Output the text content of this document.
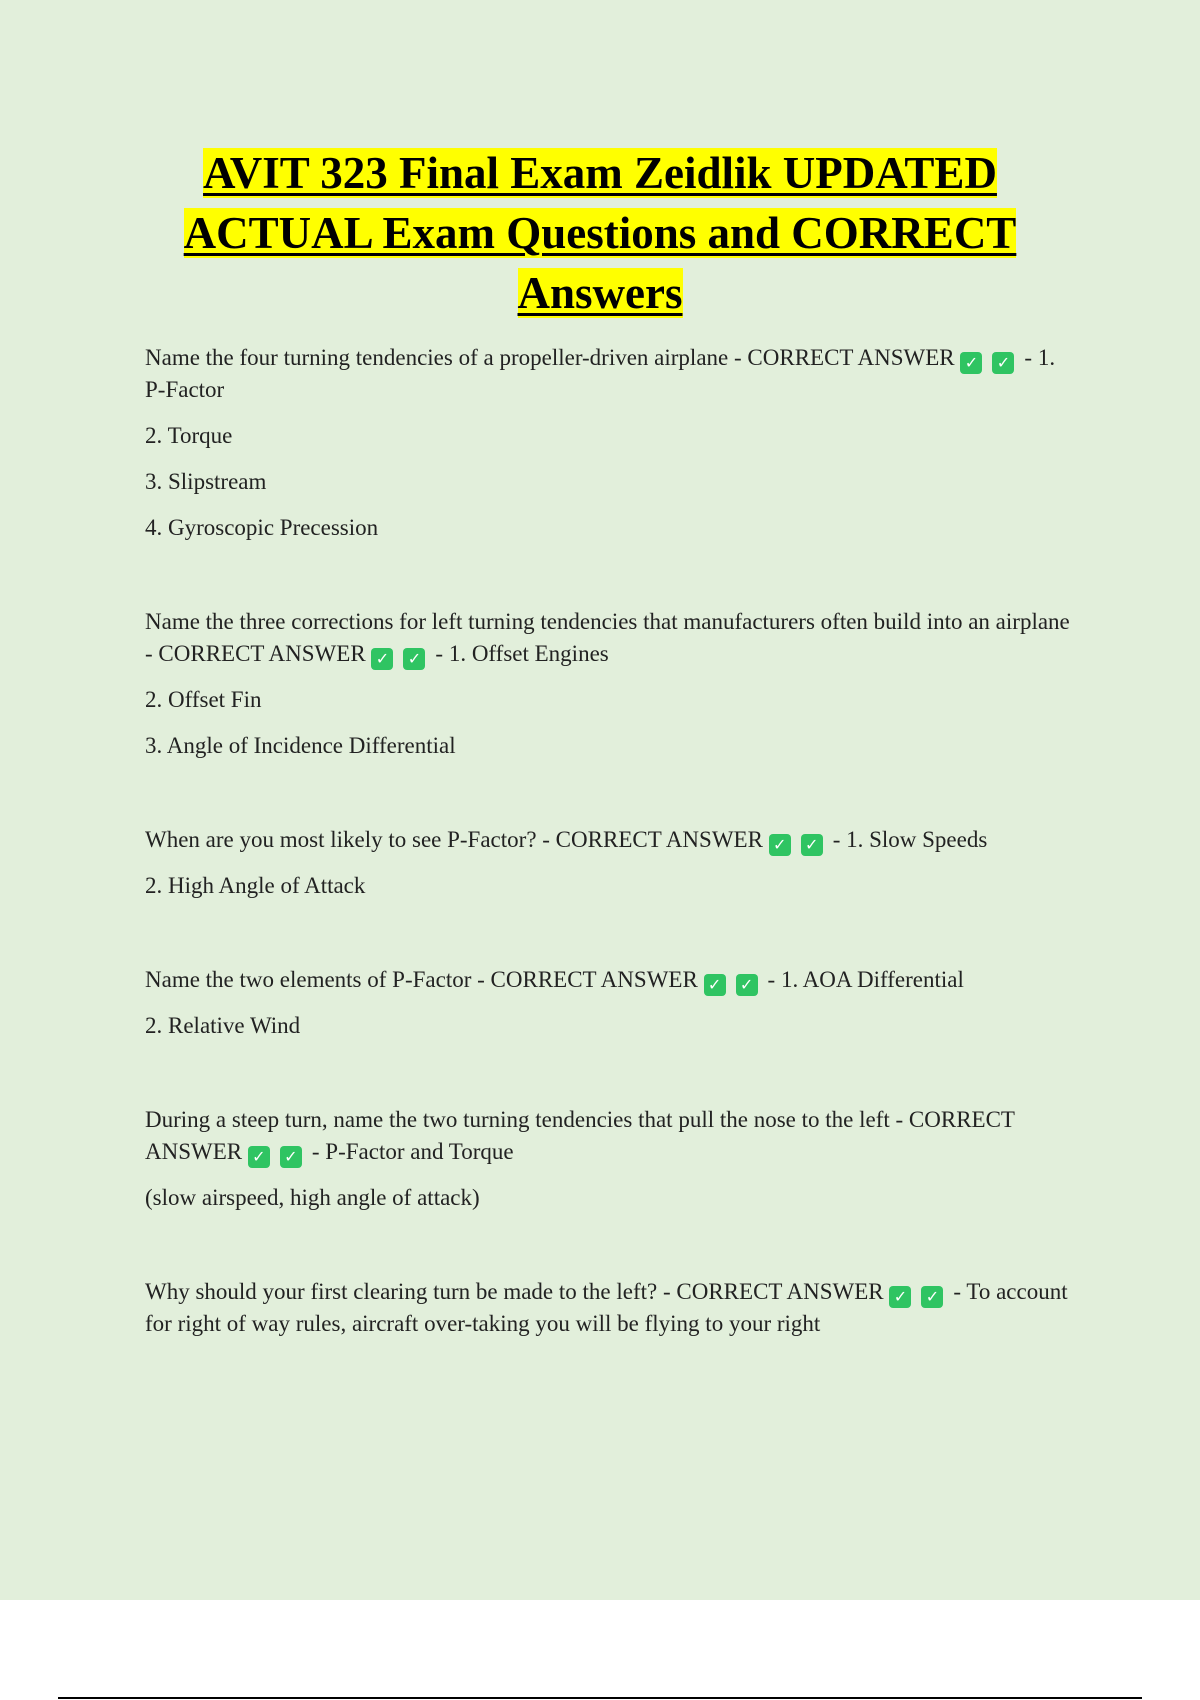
AVIT 323 Final Exam Zeidlik UPDATED
ACTUAL Exam Questions and CORRECT
Answers

Name the four turning tendencies of a propeller-driven airplane - CORRECT ANSWER ✓ ✓ - 1. P-Factor

2. Torque

3. Slipstream

4. Gyroscopic Precession

Name the three corrections for left turning tendencies that manufacturers often build into an airplane - CORRECT ANSWER ✓ ✓ - 1. Offset Engines

2. Offset Fin

3. Angle of Incidence Differential

When are you most likely to see P-Factor? - CORRECT ANSWER ✓ ✓ - 1. Slow Speeds

2. High Angle of Attack

Name the two elements of P-Factor - CORRECT ANSWER ✓ ✓ - 1. AOA Differential

2. Relative Wind

During a steep turn, name the two turning tendencies that pull the nose to the left - CORRECT ANSWER ✓ ✓ - P-Factor and Torque

(slow airspeed, high angle of attack)

Why should your first clearing turn be made to the left? - CORRECT ANSWER ✓ ✓ - To account for right of way rules, aircraft over-taking you will be flying to your right
